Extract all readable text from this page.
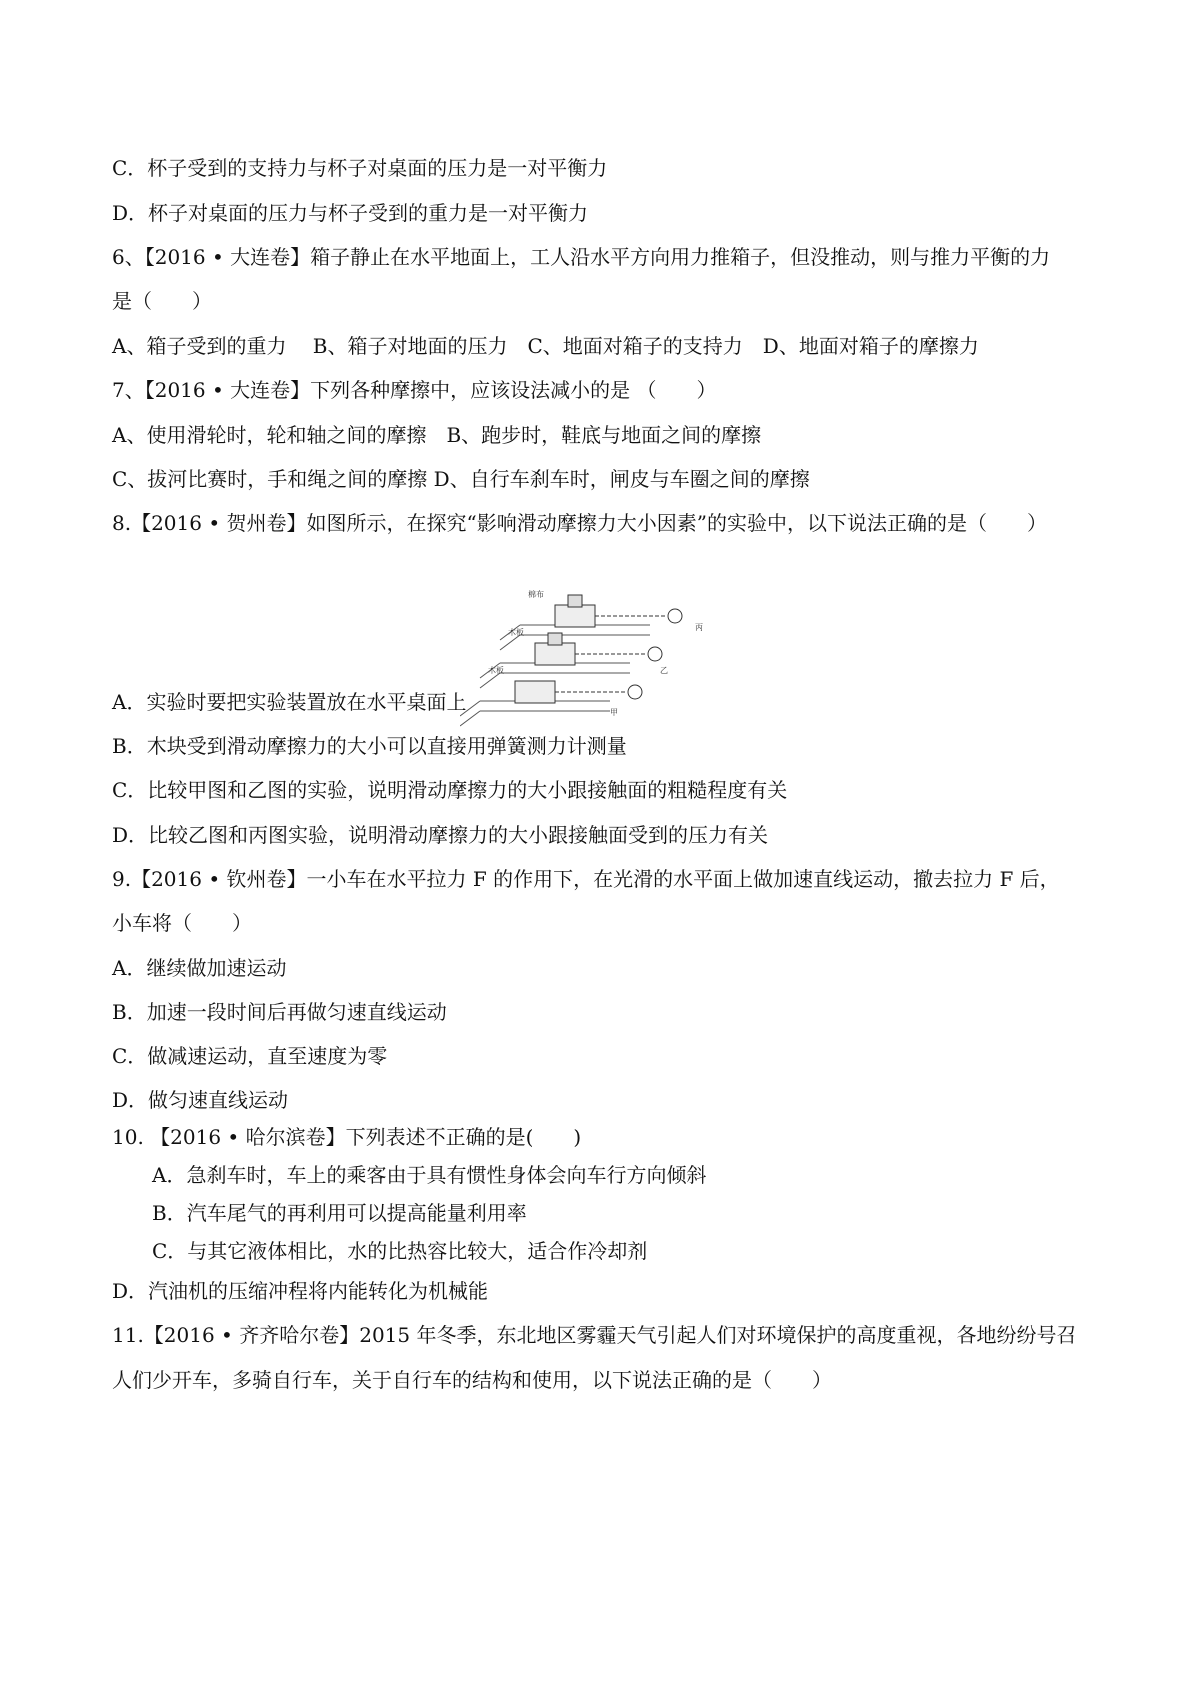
C．杯子受到的支持力与杯子对桌面的压力是一对平衡力
D．杯子对桌面的压力与杯子受到的重力是一对平衡力
6、【2016 • 大连卷】箱子静止在水平地面上，工人沿水平方向用力推箱子，但没推动，则与推力平衡的力
是（　　）
A、箱子受到的重力　 B、箱子对地面的压力　C、地面对箱子的支持力　D、地面对箱子的摩擦力
7、【2016 • 大连卷】下列各种摩擦中，应该设法减小的是 （　　）
A、使用滑轮时，轮和轴之间的摩擦　B、跑步时，鞋底与地面之间的摩擦
C、拔河比赛时，手和绳之间的摩擦 D、自行车刹车时，闸皮与车圈之间的摩擦
8.【2016 • 贺州卷】如图所示，在探究“影响滑动摩擦力大小因素”的实验中，以下说法正确的是（　　）
棉布
木板
木板
丙
乙
甲
A．实验时要把实验装置放在水平桌面上
B．木块受到滑动摩擦力的大小可以直接用弹簧测力计测量
C．比较甲图和乙图的实验，说明滑动摩擦力的大小跟接触面的粗糙程度有关
D．比较乙图和丙图实验，说明滑动摩擦力的大小跟接触面受到的压力有关
9.【2016 • 钦州卷】一小车在水平拉力 F 的作用下，在光滑的水平面上做加速直线运动，撤去拉力 F 后，
小车将（　　）
A．继续做加速运动
B．加速一段时间后再做匀速直线运动
C．做减速运动，直至速度为零
D．做匀速直线运动
10. 【2016 • 哈尔滨卷】下列表述不正确的是(　　)
A．急刹车时，车上的乘客由于具有惯性身体会向车行方向倾斜
B．汽车尾气的再利用可以提高能量利用率
C．与其它液体相比，水的比热容比较大，适合作冷却剂
D．汽油机的压缩冲程将内能转化为机械能
11.【2016 • 齐齐哈尔卷】2015 年冬季，东北地区雾霾天气引起人们对环境保护的高度重视，各地纷纷号召
人们少开车，多骑自行车，关于自行车的结构和使用，以下说法正确的是（　　）
